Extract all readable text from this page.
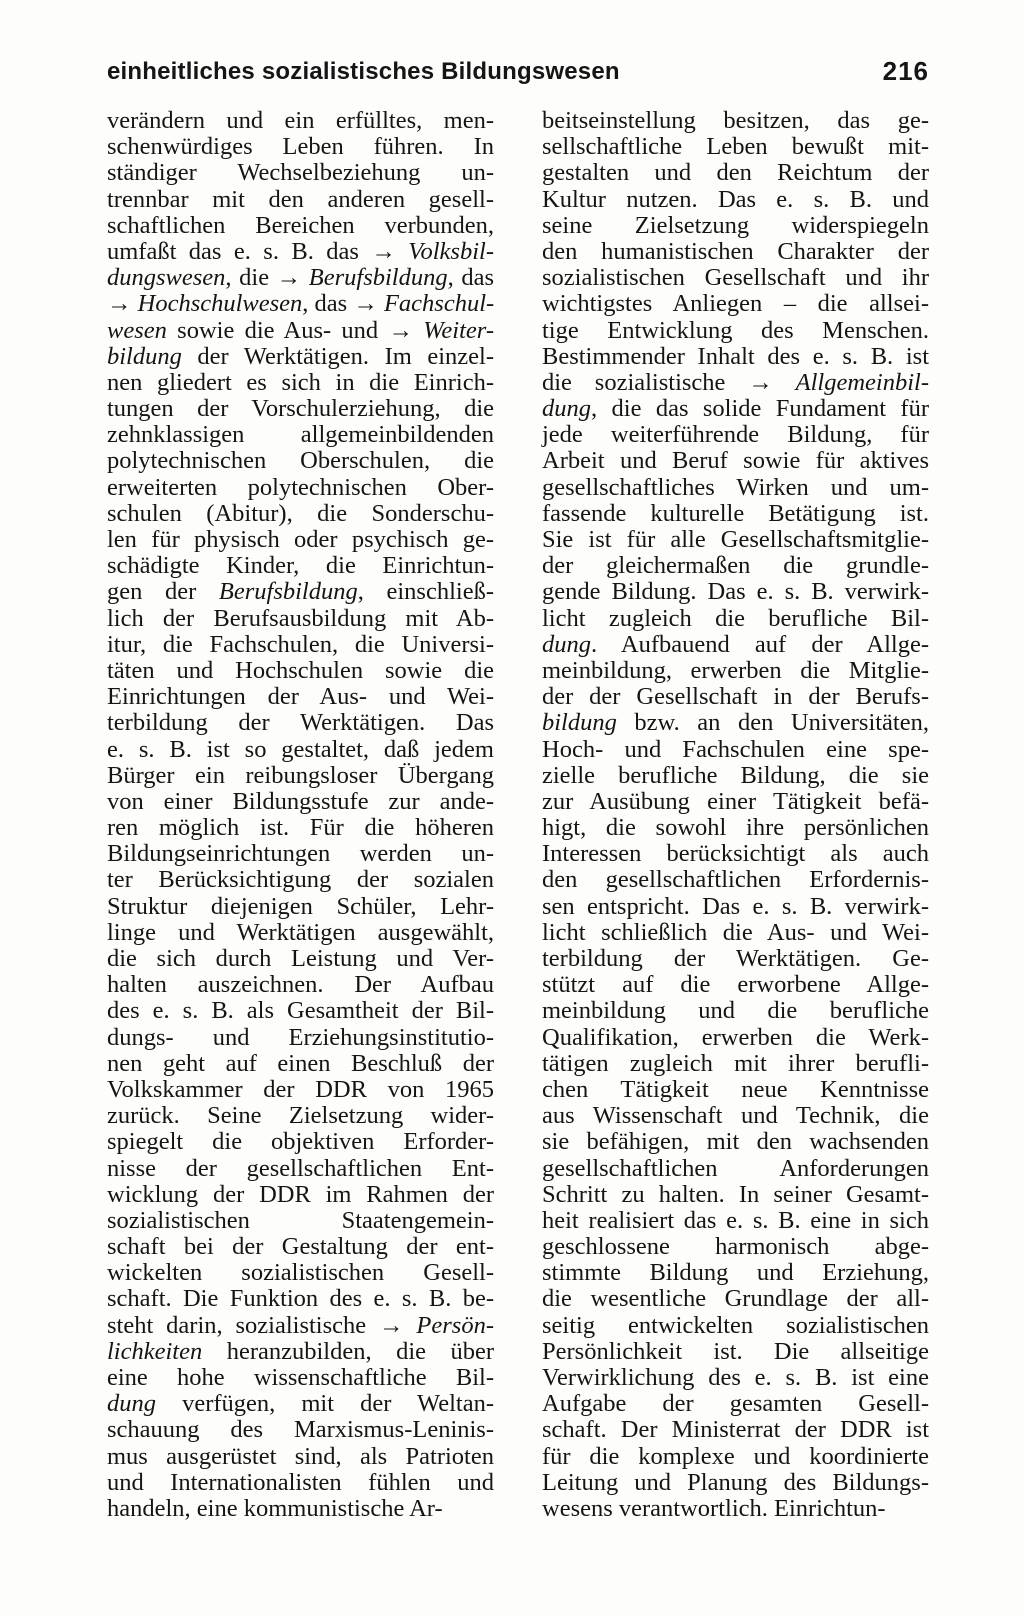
einheitliches sozialistisches Bildungswesen	216
verändern und ein erfülltes, men-
schenwürdiges Leben führen. In
ständiger Wechselbeziehung un-
trennbar mit den anderen gesell-
schaftlichen Bereichen verbunden,
umfaßt das e. s. B. das → Volksbil-
dungswesen, die → Berufsbildung, das
→ Hochschulwesen, das → Fachschul-
wesen sowie die Aus- und → Weiter-
bildung der Werktätigen. Im einzel-
nen gliedert es sich in die Einrich-
tungen der Vorschulerziehung, die
zehnklassigen allgemeinbildenden
polytechnischen Oberschulen, die
erweiterten polytechnischen Ober-
schulen (Abitur), die Sonderschu-
len für physisch oder psychisch ge-
schädigte Kinder, die Einrichtun-
gen der Berufsbildung, einschließ-
lich der Berufsausbildung mit Ab-
itur, die Fachschulen, die Universi-
täten und Hochschulen sowie die
Einrichtungen der Aus- und Wei-
terbildung der Werktätigen. Das
e. s. B. ist so gestaltet, daß jedem
Bürger ein reibungsloser Übergang
von einer Bildungsstufe zur ande-
ren möglich ist. Für die höheren
Bildungseinrichtungen werden un-
ter Berücksichtigung der sozialen
Struktur diejenigen Schüler, Lehr-
linge und Werktätigen ausgewählt,
die sich durch Leistung und Ver-
halten auszeichnen. Der Aufbau
des e. s. B. als Gesamtheit der Bil-
dungs- und Erziehungsinstitutio-
nen geht auf einen Beschluß der
Volkskammer der DDR von 1965
zurück. Seine Zielsetzung wider-
spiegelt die objektiven Erforder-
nisse der gesellschaftlichen Ent-
wicklung der DDR im Rahmen der
sozialistischen Staatengemein-
schaft bei der Gestaltung der ent-
wickelten sozialistischen Gesell-
schaft. Die Funktion des e. s. B. be-
steht darin, sozialistische → Persön-
lichkeiten heranzubilden, die über
eine hohe wissenschaftliche Bil-
dung verfügen, mit der Weltan-
schauung des Marxismus-Leninis-
mus ausgerüstet sind, als Patrioten
und Internationalisten fühlen und
handeln, eine kommunistische Ar-
beitseinstellung besitzen, das ge-
sellschaftliche Leben bewußt mit-
gestalten und den Reichtum der
Kultur nutzen. Das e. s. B. und
seine Zielsetzung widerspiegeln
den humanistischen Charakter der
sozialistischen Gesellschaft und ihr
wichtigstes Anliegen – die allsei-
tige Entwicklung des Menschen.
Bestimmender Inhalt des e. s. B. ist
die sozialistische → Allgemeinbil-
dung, die das solide Fundament für
jede weiterführende Bildung, für
Arbeit und Beruf sowie für aktives
gesellschaftliches Wirken und um-
fassende kulturelle Betätigung ist.
Sie ist für alle Gesellschaftsmitglie-
der gleichermaßen die grundle-
gende Bildung. Das e. s. B. verwirk-
licht zugleich die berufliche Bil-
dung. Aufbauend auf der Allge-
meinbildung, erwerben die Mitglie-
der der Gesellschaft in der Berufs-
bildung bzw. an den Universitäten,
Hoch- und Fachschulen eine spe-
zielle berufliche Bildung, die sie
zur Ausübung einer Tätigkeit befä-
higt, die sowohl ihre persönlichen
Interessen berücksichtigt als auch
den gesellschaftlichen Erfordernis-
sen entspricht. Das e. s. B. verwirk-
licht schließlich die Aus- und Wei-
terbildung der Werktätigen. Ge-
stützt auf die erworbene Allge-
meinbildung und die berufliche
Qualifikation, erwerben die Werk-
tätigen zugleich mit ihrer berufli-
chen Tätigkeit neue Kenntnisse
aus Wissenschaft und Technik, die
sie befähigen, mit den wachsenden
gesellschaftlichen Anforderungen
Schritt zu halten. In seiner Gesamt-
heit realisiert das e. s. B. eine in sich
geschlossene harmonisch abge-
stimmte Bildung und Erziehung,
die wesentliche Grundlage der all-
seitig entwickelten sozialistischen
Persönlichkeit ist. Die allseitige
Verwirklichung des e. s. B. ist eine
Aufgabe der gesamten Gesell-
schaft. Der Ministerrat der DDR ist
für die komplexe und koordinierte
Leitung und Planung des Bildungs-
wesens verantwortlich. Einrichtun-
